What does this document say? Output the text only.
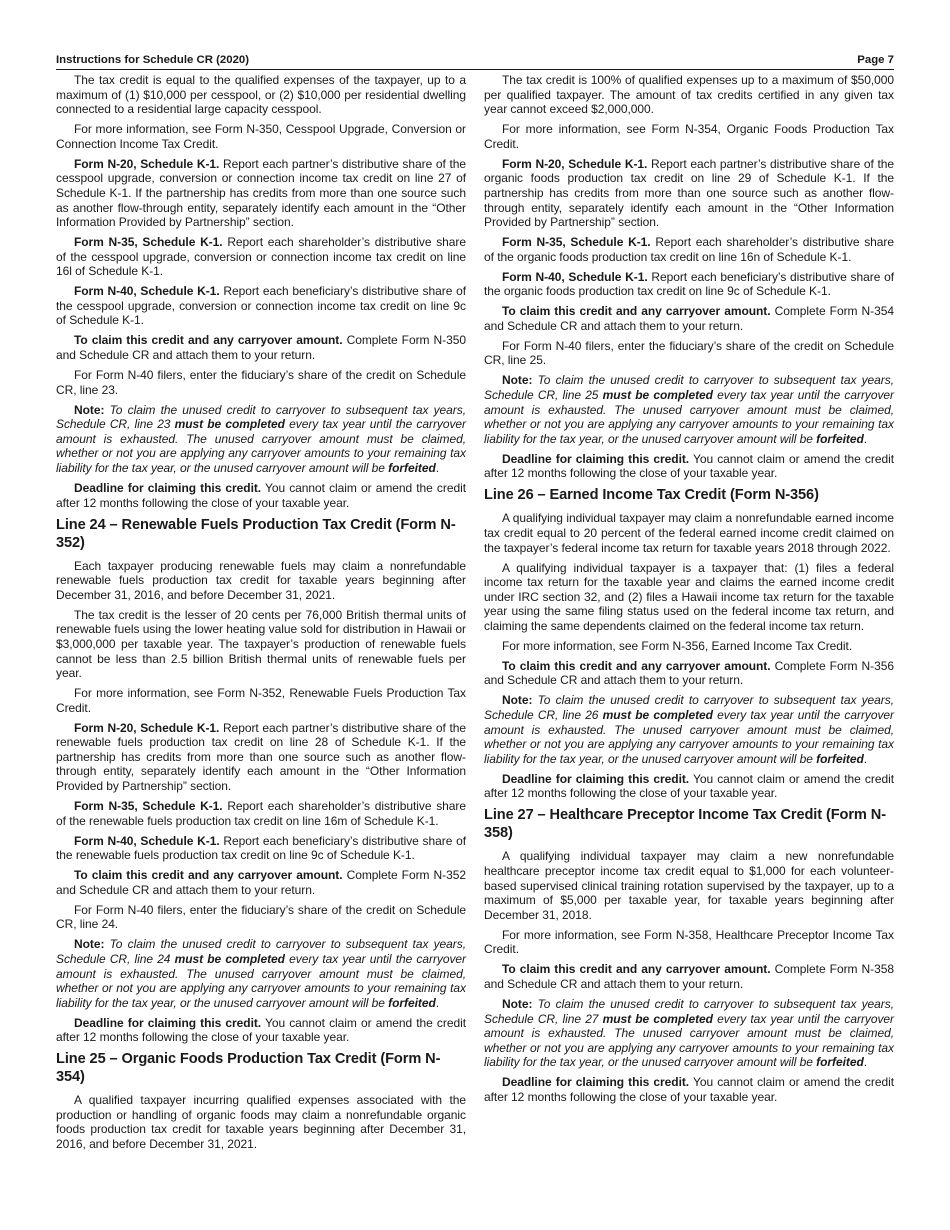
Instructions for Schedule CR (2020)	Page 7

The tax credit is equal to the qualified expenses of the taxpayer, up to a maximum of (1) $10,000 per cesspool, or (2) $10,000 per residential dwelling connected to a residential large capacity cesspool.

For more information, see Form N-350, Cesspool Upgrade, Conversion or Connection Income Tax Credit.

Form N-20, Schedule K-1. Report each partner’s distributive share of the cesspool upgrade, conversion or connection income tax credit on line 27 of Schedule K-1. If the partnership has credits from more than one source such as another flow-through entity, separately identify each amount in the “Other Information Provided by Partnership” section.

Form N-35, Schedule K-1. Report each shareholder’s distributive share of the cesspool upgrade, conversion or connection income tax credit on line 16l of Schedule K-1.

Form N-40, Schedule K-1. Report each beneficiary’s distributive share of the cesspool upgrade, conversion or connection income tax credit on line 9c of Schedule K-1.

To claim this credit and any carryover amount. Complete Form N-350 and Schedule CR and attach them to your return.

For Form N-40 filers, enter the fiduciary’s share of the credit on Schedule CR, line 23.

Note: To claim the unused credit to carryover to subsequent tax years, Schedule CR, line 23 must be completed every tax year until the carryover amount is exhausted. The unused carryover amount must be claimed, whether or not you are applying any carryover amounts to your remaining tax liability for the tax year, or the unused carryover amount will be forfeited.

Deadline for claiming this credit. You cannot claim or amend the credit after 12 months following the close of your taxable year.

Line 24 – Renewable Fuels Production Tax Credit (Form N-352)

Each taxpayer producing renewable fuels may claim a nonrefundable renewable fuels production tax credit for taxable years beginning after December 31, 2016, and before December 31, 2021.

The tax credit is the lesser of 20 cents per 76,000 British thermal units of renewable fuels using the lower heating value sold for distribution in Hawaii or $3,000,000 per taxable year. The taxpayer’s production of renewable fuels cannot be less than 2.5 billion British thermal units of renewable fuels per year.

For more information, see Form N-352, Renewable Fuels Production Tax Credit.

Form N-20, Schedule K-1. Report each partner’s distributive share of the renewable fuels production tax credit on line 28 of Schedule K-1. If the partnership has credits from more than one source such as another flow-through entity, separately identify each amount in the “Other Information Provided by Partnership” section.

Form N-35, Schedule K-1. Report each shareholder’s distributive share of the renewable fuels production tax credit on line 16m of Schedule K-1.

Form N-40, Schedule K-1. Report each beneficiary’s distributive share of the renewable fuels production tax credit on line 9c of Schedule K-1.

To claim this credit and any carryover amount. Complete Form N-352 and Schedule CR and attach them to your return.

For Form N-40 filers, enter the fiduciary’s share of the credit on Schedule CR, line 24.

Note: To claim the unused credit to carryover to subsequent tax years, Schedule CR, line 24 must be completed every tax year until the carryover amount is exhausted. The unused carryover amount must be claimed, whether or not you are applying any carryover amounts to your remaining tax liability for the tax year, or the unused carryover amount will be forfeited.

Deadline for claiming this credit. You cannot claim or amend the credit after 12 months following the close of your taxable year.

Line 25 – Organic Foods Production Tax Credit (Form N-354)

A qualified taxpayer incurring qualified expenses associated with the production or handling of organic foods may claim a nonrefundable organic foods production tax credit for taxable years beginning after December 31, 2016, and before December 31, 2021.

The tax credit is 100% of qualified expenses up to a maximum of $50,000 per qualified taxpayer. The amount of tax credits certified in any given tax year cannot exceed $2,000,000.

For more information, see Form N-354, Organic Foods Production Tax Credit.

Form N-20, Schedule K-1. Report each partner’s distributive share of the organic foods production tax credit on line 29 of Schedule K-1. If the partnership has credits from more than one source such as another flow-through entity, separately identify each amount in the “Other Information Provided by Partnership” section.

Form N-35, Schedule K-1. Report each shareholder’s distributive share of the organic foods production tax credit on line 16n of Schedule K-1.

Form N-40, Schedule K-1. Report each beneficiary’s distributive share of the organic foods production tax credit on line 9c of Schedule K-1.

To claim this credit and any carryover amount. Complete Form N-354 and Schedule CR and attach them to your return.

For Form N-40 filers, enter the fiduciary’s share of the credit on Schedule CR, line 25.

Note: To claim the unused credit to carryover to subsequent tax years, Schedule CR, line 25 must be completed every tax year until the carryover amount is exhausted. The unused carryover amount must be claimed, whether or not you are applying any carryover amounts to your remaining tax liability for the tax year, or the unused carryover amount will be forfeited.

Deadline for claiming this credit. You cannot claim or amend the credit after 12 months following the close of your taxable year.

Line 26 – Earned Income Tax Credit (Form N-356)

A qualifying individual taxpayer may claim a nonrefundable earned income tax credit equal to 20 percent of the federal earned income credit claimed on the taxpayer’s federal income tax return for taxable years 2018 through 2022.

A qualifying individual taxpayer is a taxpayer that: (1) files a federal income tax return for the taxable year and claims the earned income credit under IRC section 32, and (2) files a Hawaii income tax return for the taxable year using the same filing status used on the federal income tax return, and claiming the same dependents claimed on the federal income tax return.

For more information, see Form N-356, Earned Income Tax Credit.

To claim this credit and any carryover amount. Complete Form N-356 and Schedule CR and attach them to your return.

Note: To claim the unused credit to carryover to subsequent tax years, Schedule CR, line 26 must be completed every tax year until the carryover amount is exhausted. The unused carryover amount must be claimed, whether or not you are applying any carryover amounts to your remaining tax liability for the tax year, or the unused carryover amount will be forfeited.

Deadline for claiming this credit. You cannot claim or amend the credit after 12 months following the close of your taxable year.

Line 27 – Healthcare Preceptor Income Tax Credit (Form N-358)

A qualifying individual taxpayer may claim a new nonrefundable healthcare preceptor income tax credit equal to $1,000 for each volunteer-based supervised clinical training rotation supervised by the taxpayer, up to a maximum of $5,000 per taxable year, for taxable years beginning after December 31, 2018.

For more information, see Form N-358, Healthcare Preceptor Income Tax Credit.

To claim this credit and any carryover amount. Complete Form N-358 and Schedule CR and attach them to your return.

Note: To claim the unused credit to carryover to subsequent tax years, Schedule CR, line 27 must be completed every tax year until the carryover amount is exhausted. The unused carryover amount must be claimed, whether or not you are applying any carryover amounts to your remaining tax liability for the tax year, or the unused carryover amount will be forfeited.

Deadline for claiming this credit. You cannot claim or amend the credit after 12 months following the close of your taxable year.
